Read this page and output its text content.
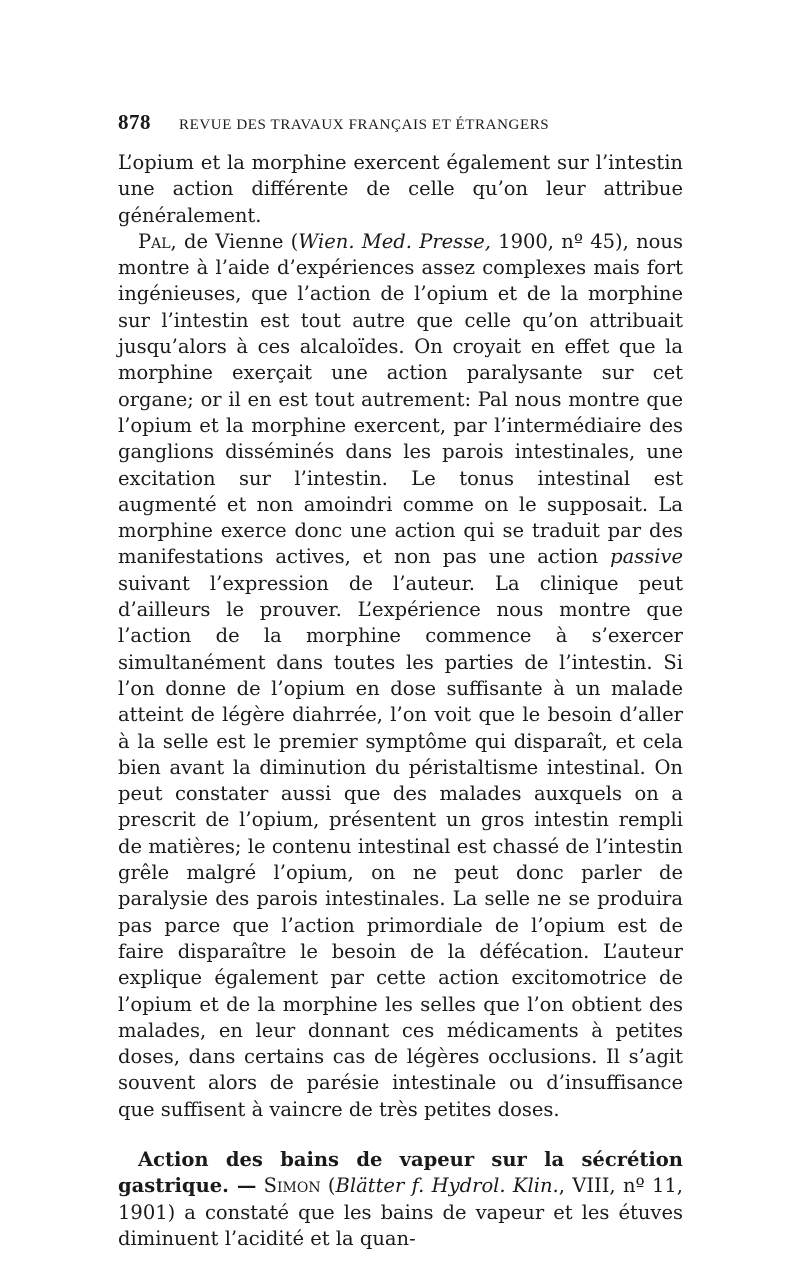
878 REVUE DES TRAVAUX FRANÇAIS ET ÉTRANGERS

L’opium et la morphine exercent également sur l’intestin une action différente de celle qu’on leur attribue généralement.

Pal, de Vienne (Wien. Med. Presse, 1900, nº 45), nous montre à l’aide d’expériences assez complexes mais fort ingénieuses, que l’action de l’opium et de la morphine sur l’intestin est tout autre que celle qu’on attribuait jusqu’alors à ces alcaloïdes. On croyait en effet que la morphine exerçait une action paralysante sur cet organe; or il en est tout autrement: Pal nous montre que l’opium et la morphine exercent, par l’intermédiaire des ganglions disséminés dans les parois intestinales, une excitation sur l’intestin. Le tonus intestinal est augmenté et non amoindri comme on le supposait. La morphine exerce donc une action qui se traduit par des manifestations actives, et non pas une action passive suivant l’expression de l’auteur. La clinique peut d’ailleurs le prouver. L’expérience nous montre que l’action de la morphine commence à s’exercer simultanément dans toutes les parties de l’intestin. Si l’on donne de l’opium en dose suffisante à un malade atteint de légère diahrrée, l’on voit que le besoin d’aller à la selle est le premier symptôme qui disparaît, et cela bien avant la diminution du péristaltisme intestinal. On peut constater aussi que des malades auxquels on a prescrit de l’opium, présentent un gros intestin rempli de matières; le contenu intestinal est chassé de l’intestin grêle malgré l’opium, on ne peut donc parler de paralysie des parois intestinales. La selle ne se produira pas parce que l’action primordiale de l’opium est de faire disparaître le besoin de la défécation. L’auteur explique également par cette action excitomotrice de l’opium et de la morphine les selles que l’on obtient des malades, en leur donnant ces médicaments à petites doses, dans certains cas de légères occlusions. Il s’agit souvent alors de parésie intestinale ou d’insuffisance que suffisent à vaincre de très petites doses.

Action des bains de vapeur sur la sécrétion gastrique. — Simon (Blätter f. Hydrol. Klin., VIII, nº 11, 1901) a constaté que les bains de vapeur et les étuves diminuent l’acidité et la quan-
